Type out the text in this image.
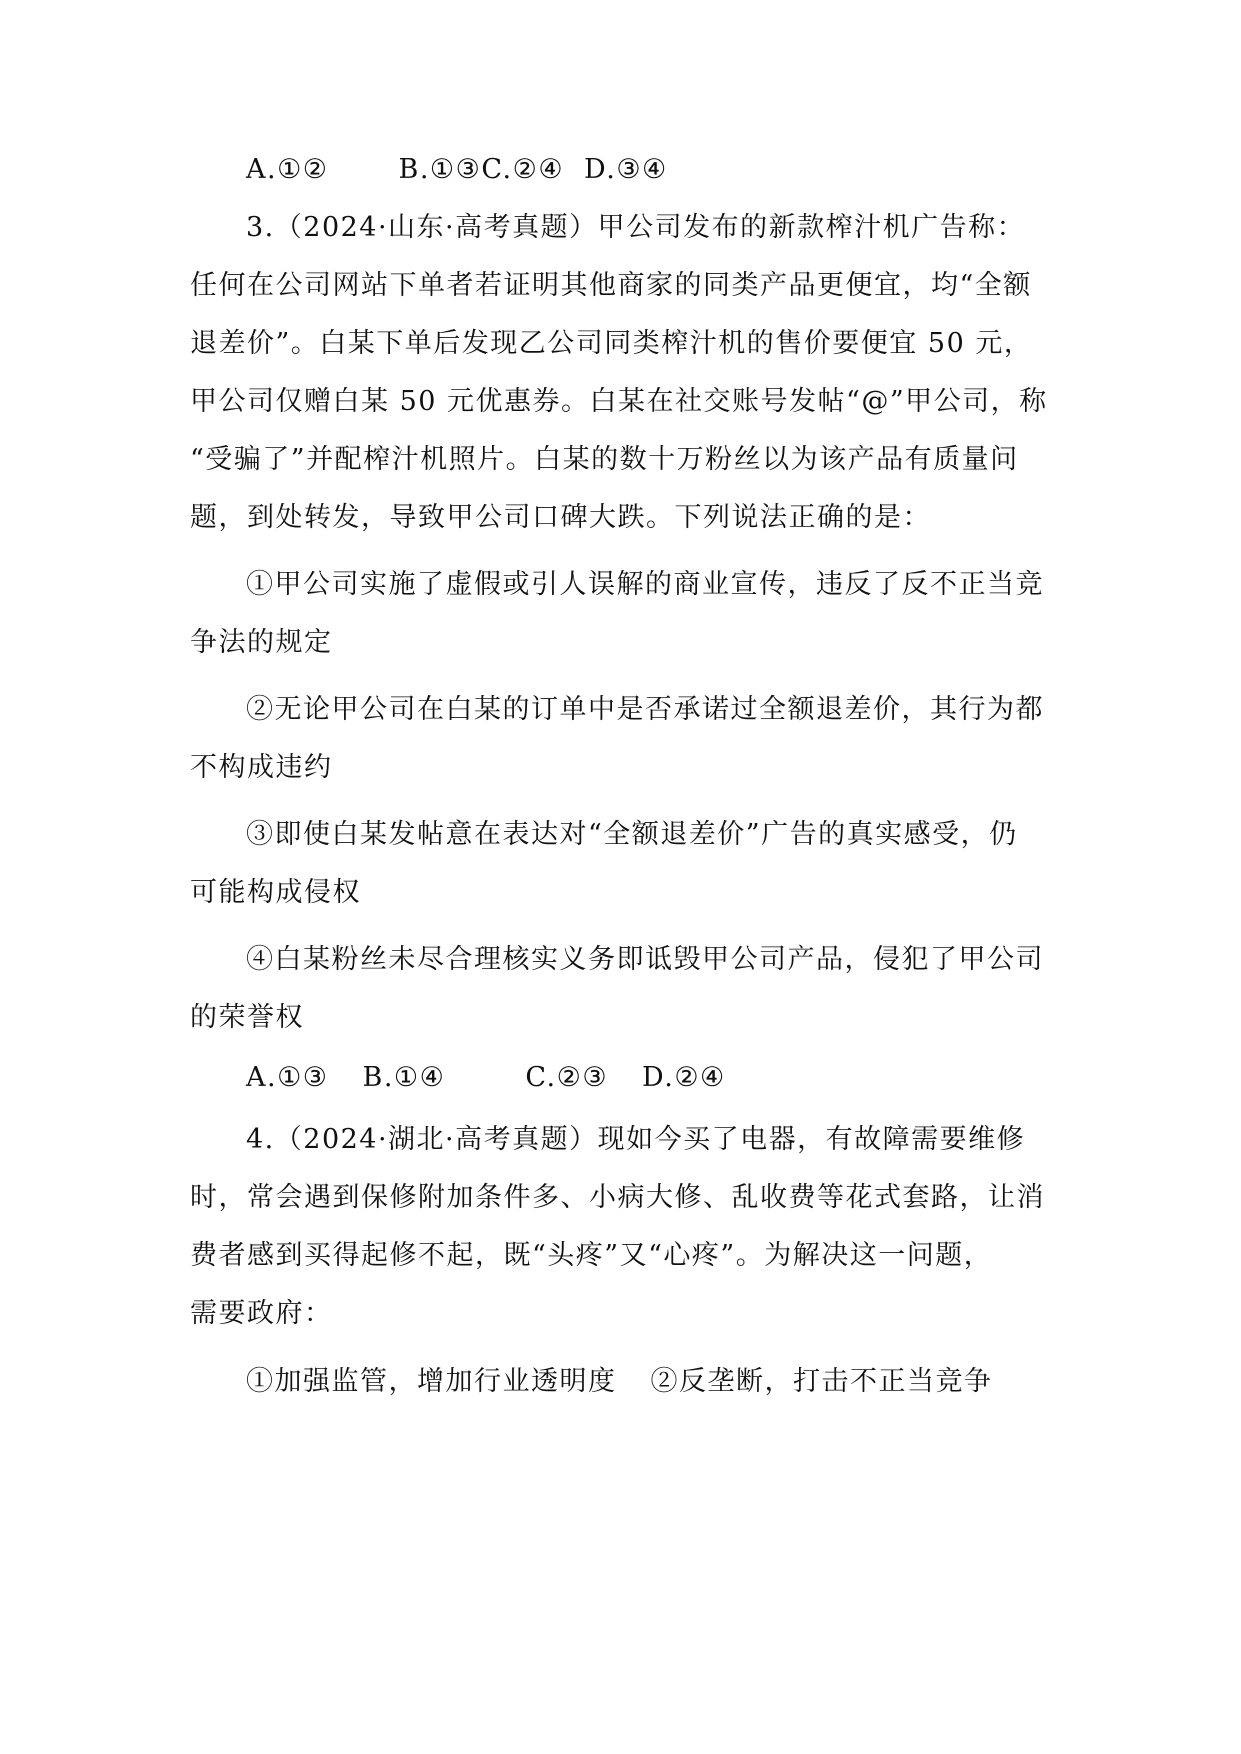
A.①②	B.①③C.②④ D.③④
3.（2024·山东·高考真题）甲公司发布的新款榨汁机广告称：
任何在公司网站下单者若证明其他商家的同类产品更便宜，均“全额
退差价”。白某下单后发现乙公司同类榨汁机的售价要便宜 50 元，
甲公司仅赠白某 50 元优惠券。白某在社交账号发帖“@”甲公司，称
“受骗了”并配榨汁机照片。白某的数十万粉丝以为该产品有质量问
题，到处转发，导致甲公司口碑大跌。下列说法正确的是：
①甲公司实施了虚假或引人误解的商业宣传，违反了反不正当竞
争法的规定
②无论甲公司在白某的订单中是否承诺过全额退差价，其行为都
不构成违约
③即使白某发帖意在表达对“全额退差价”广告的真实感受，仍
可能构成侵权
④白某粉丝未尽合理核实义务即诋毁甲公司产品，侵犯了甲公司
的荣誉权
A.①③ B.①④	C.②③ D.②④
4.（2024·湖北·高考真题）现如今买了电器，有故障需要维修
时，常会遇到保修附加条件多、小病大修、乱收费等花式套路，让消
费者感到买得起修不起，既“头疼”又“心疼”。为解决这一问题，
需要政府：
①加强监管，增加行业透明度 ②反垄断，打击不正当竞争
